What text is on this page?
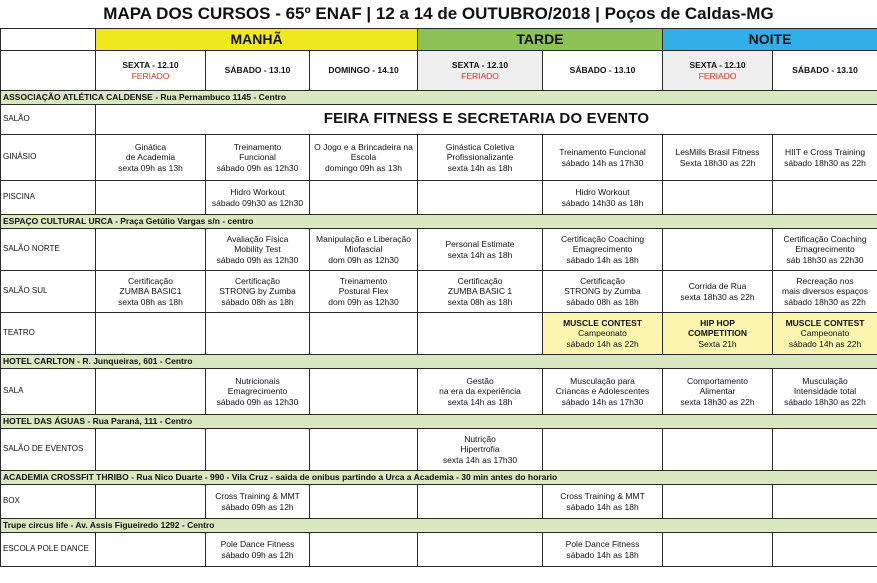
MAPA DOS CURSOS - 65º ENAF | 12 a 14 de OUTUBRO/2018 | Poços de Caldas-MG
	MANHÃ			TARDE		NOITE	

	SEXTA - 12.10
FERIADO	SÁBADO - 13.10	DOMINGO - 14.10	SEXTA - 12.10
FERIADO	SÁBADO - 13.10	SEXTA - 12.10
FERIADO	SÁBADO - 13.10

ASSOCIAÇÃO ATLÉTICA CALDENSE - Rua Pernambuco 1145 - Centro							
SALÃO	FEIRA FITNESS E SECRETARIA DO EVENTO						
GINÁSIO	Ginática
de Academia
sexta 09h as 13h	Treinamento
Funcional
sábado 09h as 12h30	O Jogo e a Brincadeira na
Escola
domingo 09h as 13h	Ginástica Coletiva
Profissionalizante
sexta 14h as 18h	Treinamento Funcional
sábado 14h as 17h30	LesMills Brasil Fitness
Sexta 18h30 as 22h	HIIT e Cross Training
sábado 18h30 as 22h

PISCINA		Hidro Workout
sábado 09h30 as 12h30			Hidro Workout
sábado 14h30 as 18h		

ESPAÇO CULTURAL URCA - Praça Getúlio Vargas s/n - centro							
SALÃO NORTE		Avaliação Física
Mobility Test
sábado 09h as 12h30	Manipulação e Liberação
Miofascial
dom 09h as 12h30	Personal Estimate
sexta 14h as 18h	Certificação Coaching
Emagrecimento
sábado 14h as 18h		Certificação Coaching
Emagrecimento
sáb 18h30 as 22h30

SALÃO SUL	Certificação
ZUMBA BASIC1
sexta 08h as 18h	Certificação
STRONG by Zumba
sábado 08h as 18h	Treinamento
Postural Flex
dom 09h as 12h30	Certificação
ZUMBA BASIC 1
sexta 08h as 18h	Certificação
STRONG by Zumba
sábado 08h as 18h	Corrida de Rua
sexta 18h30 as 22h	Recreação nos
mais diversos espaços
sábado 18h30 as 22h

TEATRO					MUSCLE CONTEST
Campeonato
sábado 14h as 22h	HIP HOP
COMPETITION
Sexta 21h	MUSCLE CONTEST
Campeonato
sábado 14h as 22h

HOTEL CARLTON - R. Junqueiras, 601 - Centro							
SALA		Nutricionais
Emagrecimento
sábado 09h as 12h30		Gestão
na era da experiência
sexta 14h as 18h	Musculação para
Criancas e Adolescentes
sábado 14h as 17h30	Comportamento
Alimentar
sexta 18h30 as 22h	Musculação
Intensidade total
sábado 18h30 as 22h

HOTEL DAS ÁGUAS - Rua Paraná, 111 - Centro							
SALÃO DE EVENTOS				Nutrição
Hipertrofia
sexta 14h as 17h30			

ACADEMIA CROSSFIT THRIBO - Rua Nico Duarte - 990 - Vila Cruz - saida de onibus partindo a Urca a Academia - 30 min antes do horario							
BOX		Cross Training & MMT
sábado 09h as 12h			Cross Training & MMT
sábado 14h as 18h		

Trupe circus life - Av. Assis Figueiredo 1292 - Centro							
ESCOLA POLE DANCE		Pole Dance Fitness
sábado 09h as 12h			Pole Dance Fitness
sábado 14h as 18h		
